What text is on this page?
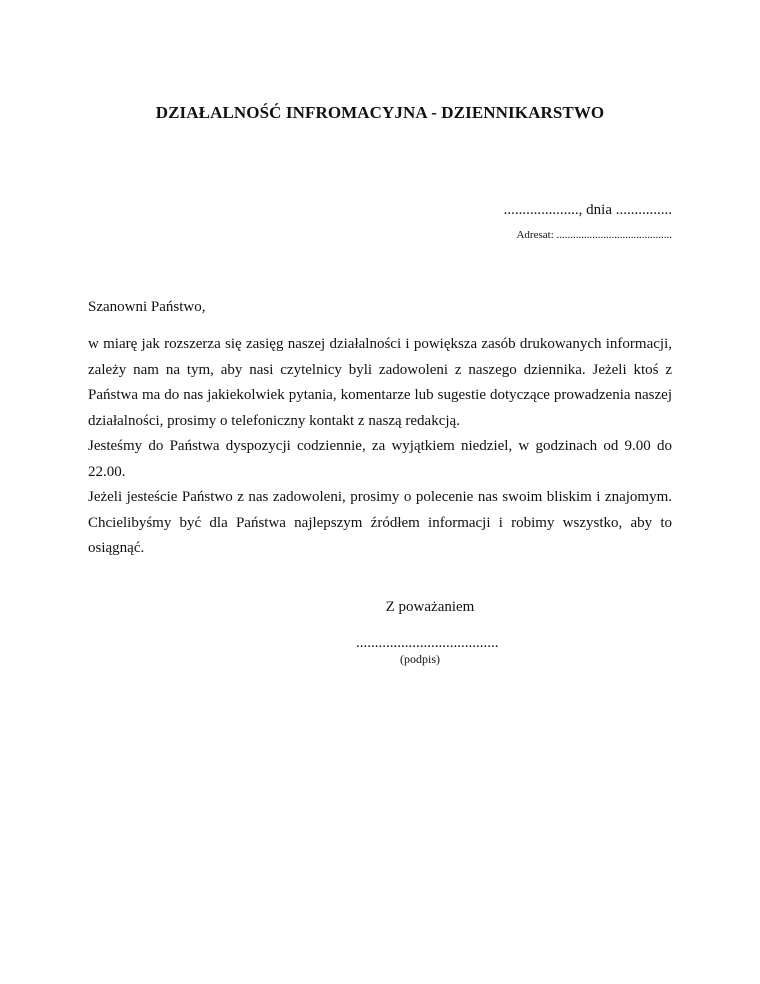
DZIAŁALNOŚĆ INFROMACYJNA - DZIENNIKARSTWO
...................., dnia ...............
Adresat: ..........................................
Szanowni Państwo,

w miarę jak rozszerza się zasięg naszej działalności i powiększa zasób drukowanych informacji, zależy nam na tym, aby nasi czytelnicy byli zadowoleni z naszego dziennika. Jeżeli ktoś z Państwa ma do nas jakiekolwiek pytania, komentarze lub sugestie dotyczące prowadzenia naszej działalności, prosimy o telefoniczny kontakt z naszą redakcją.

Jesteśmy do Państwa dyspozycji codziennie, za wyjątkiem niedziel, w godzinach od 9.00 do 22.00.

Jeżeli jesteście Państwo z nas zadowoleni, prosimy o polecenie nas swoim bliskim i znajomym. Chcielibyśmy być dla Państwa najlepszym źródłem informacji i robimy wszystko, aby to osiągnąć.

Z poważaniem
......................................
(podpis)
